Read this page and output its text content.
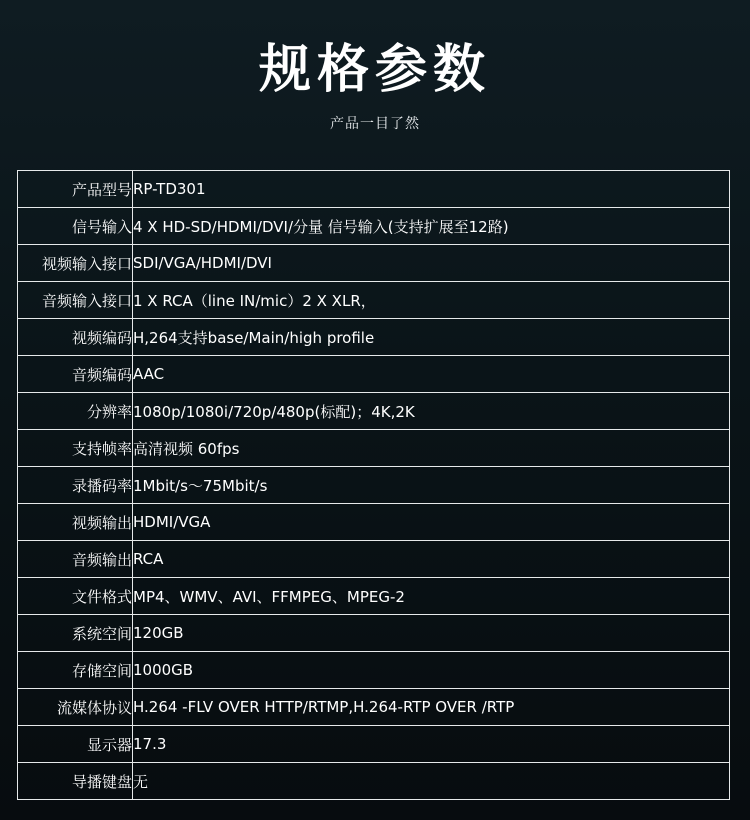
规格参数
产品一目了然
产品型号	RP-TD301
信号输入	4 X HD-SD/HDMI/DVI/分量 信号输入(支持扩展至12路)
视频输入接口	SDI/VGA/HDMI/DVI
音频输入接口	1 X RCA（line IN/mic）2 X XLR，
视频编码	H,264支持base/Main/high profile
音频编码	AAC
分辨率	1080p/1080i/720p/480p(标配)；4K,2K
支持帧率	高清视频 60fps
录播码率	1Mbit/s～75Mbit/s
视频输出	HDMI/VGA
音频输出	RCA
文件格式	MP4、WMV、AVI、FFMPEG、MPEG-2
系统空间	120GB
存储空间	1000GB
流媒体协议	H.264 -FLV OVER HTTP/RTMP,H.264-RTP OVER /RTP
显示器	17.3
导播键盘	无
